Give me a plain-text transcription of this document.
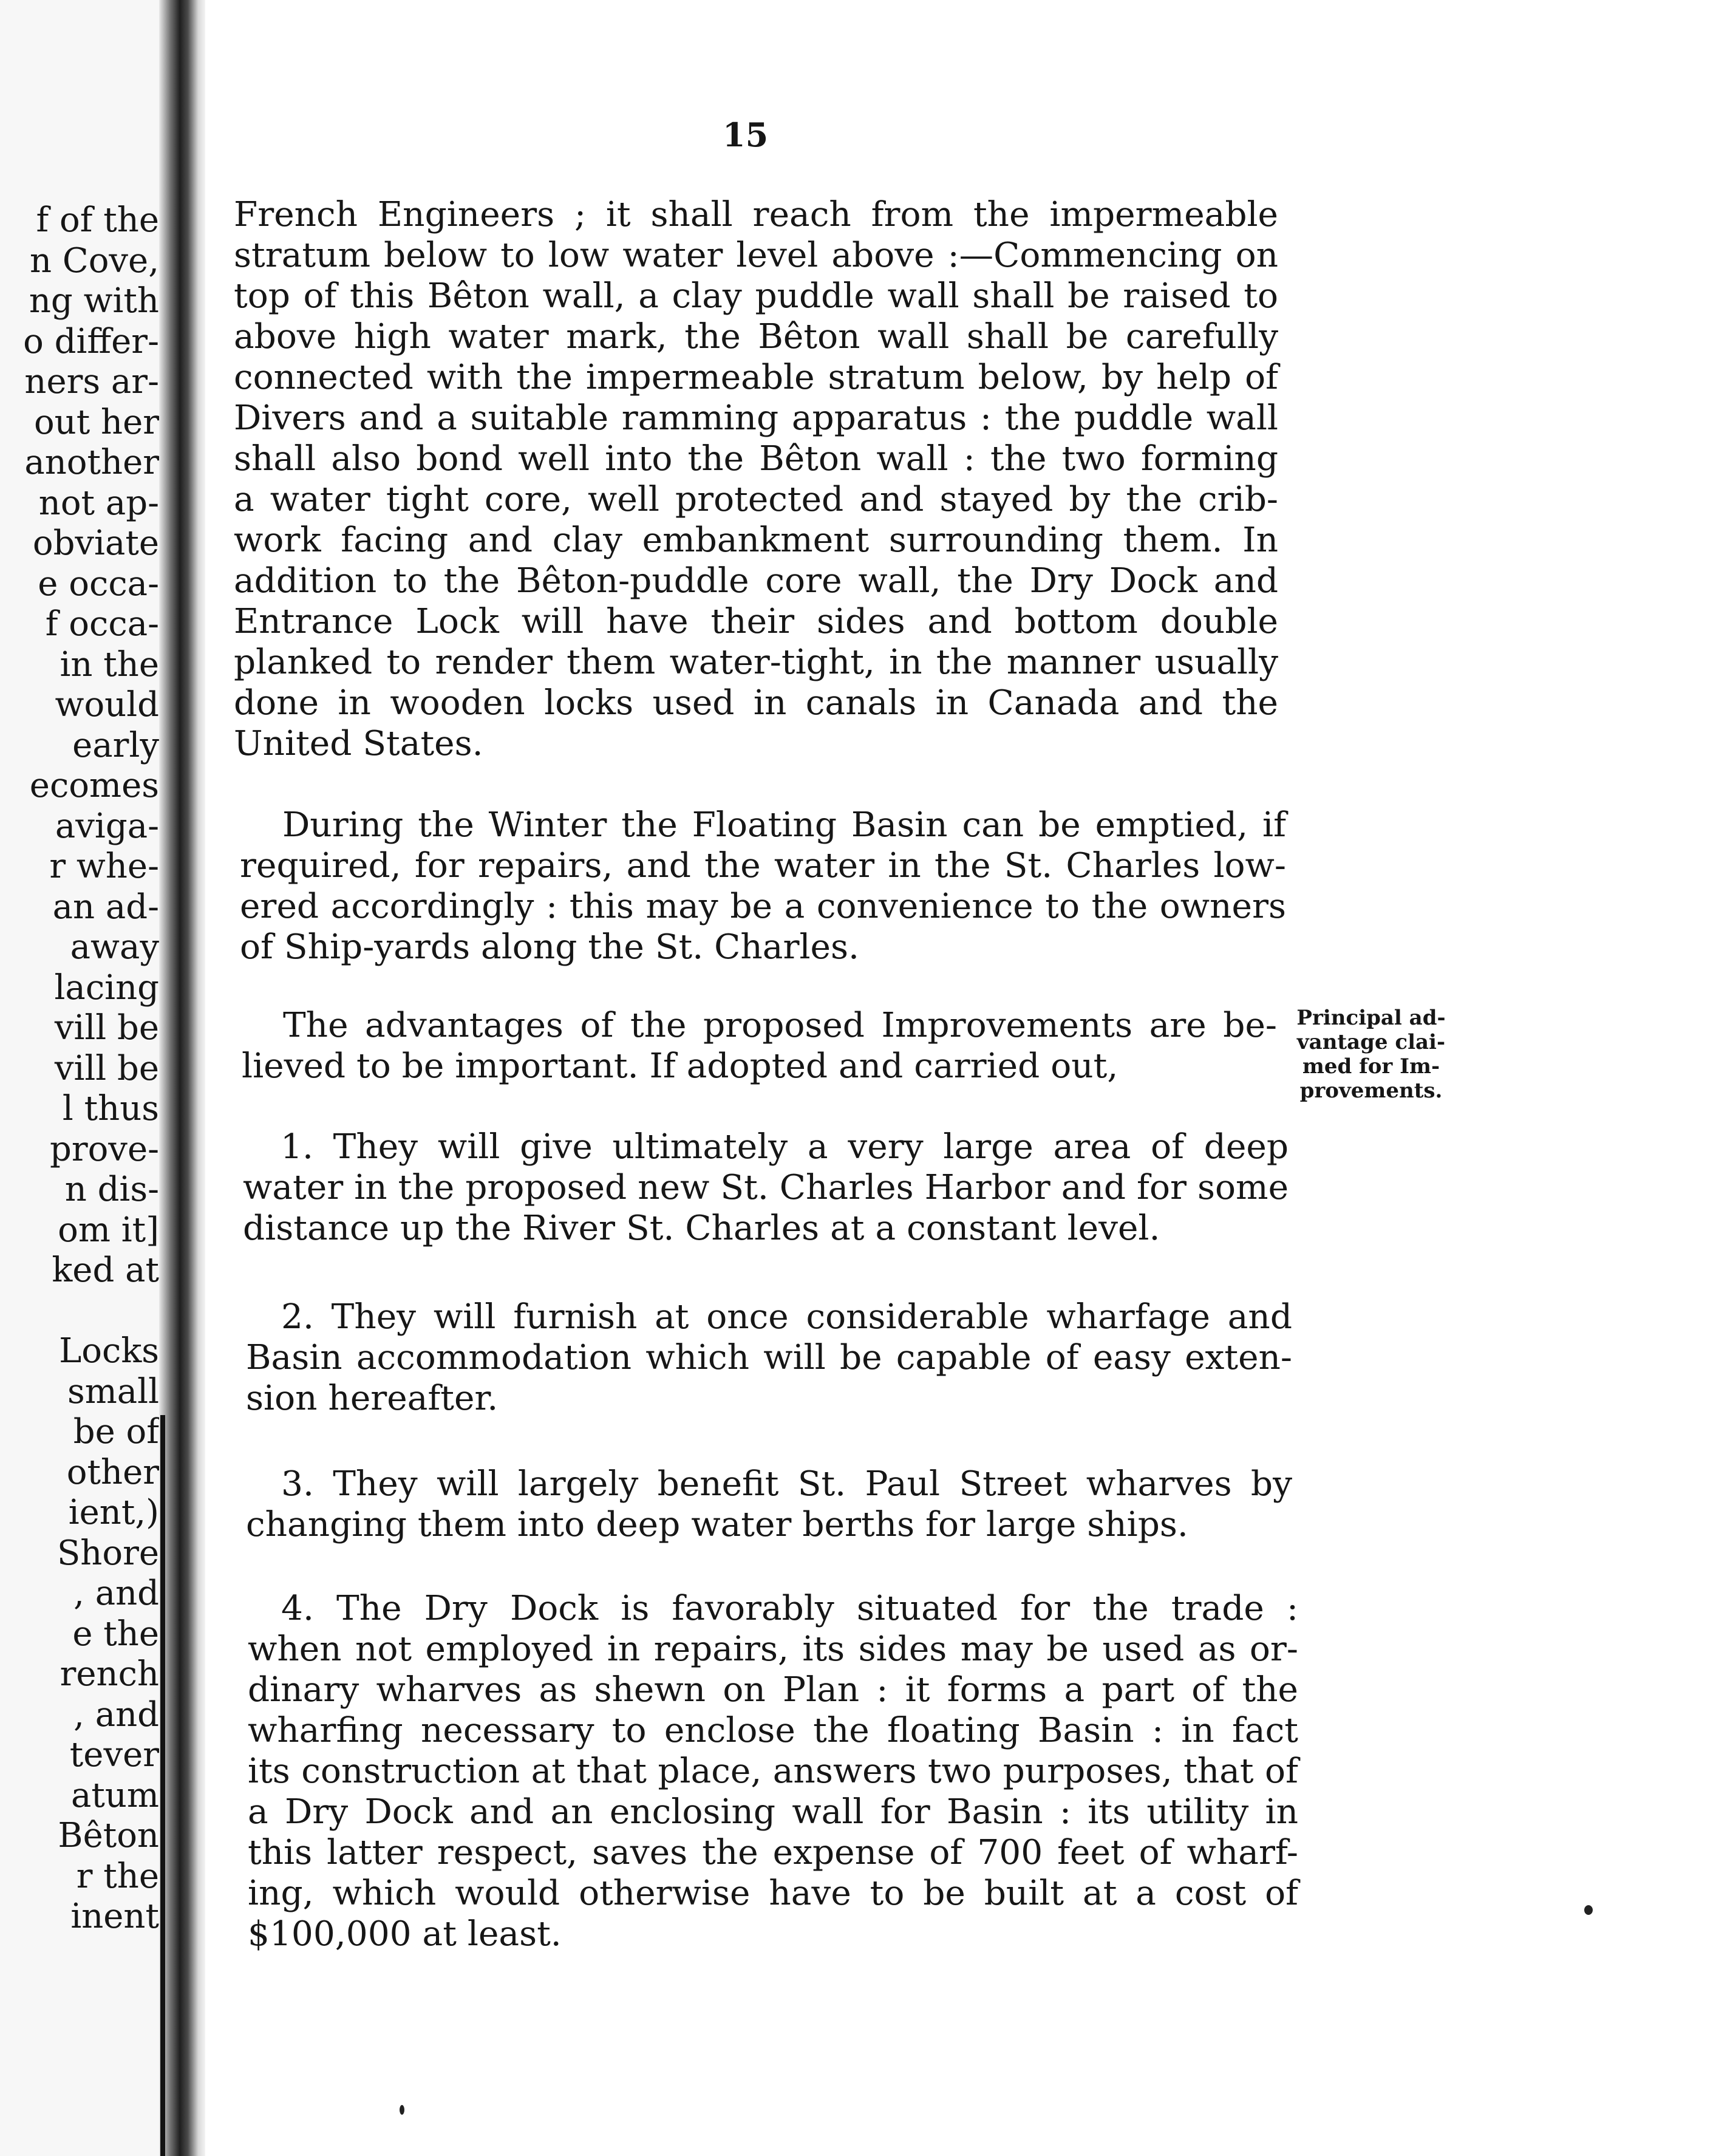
f of the
n Cove,
ng with
o differ-
ners ar-
out her
another
not ap-
obviate
e occa-
f occa-
in the
would
early
ecomes
aviga-
r whe-
an ad-
away
lacing
vill be
vill be
l thus
prove-
n dis-
om it]
ked at
Locks
small
be of
other
ient,)
Shore
, and
e the
rench
, and
tever
atum
Bêton
r the
inent
15
French Engineers ; it shall reach from the impermeable
stratum below to low water level above :—Commencing on
top of this Bêton wall, a clay puddle wall shall be raised to
above high water mark, the Bêton wall shall be carefully
connected with the impermeable stratum below, by help of
Divers and a suitable ramming apparatus : the puddle wall
shall also bond well into the Bêton wall : the two forming
a water tight core, well protected and stayed by the crib-
work facing and clay embankment surrounding them. In
addition to the Bêton-puddle core wall, the Dry Dock and
Entrance Lock will have their sides and bottom double
planked to render them water-tight, in the manner usually
done in wooden locks used in canals in Canada and the
United States.
During the Winter the Floating Basin can be emptied, if
required, for repairs, and the water in the St. Charles low-
ered accordingly : this may be a convenience to the owners
of Ship-yards along the St. Charles.
The advantages of the proposed Improvements are be-
lieved to be important. If adopted and carried out,
1. They will give ultimately a very large area of deep
water in the proposed new St. Charles Harbor and for some
distance up the River St. Charles at a constant level.
2. They will furnish at once considerable wharfage and
Basin accommodation which will be capable of easy exten-
sion hereafter.
3. They will largely benefit St. Paul Street wharves by
changing them into deep water berths for large ships.
4. The Dry Dock is favorably situated for the trade :
when not employed in repairs, its sides may be used as or-
dinary wharves as shewn on Plan : it forms a part of the
wharfing necessary to enclose the floating Basin : in fact
its construction at that place, answers two purposes, that of
a Dry Dock and an enclosing wall for Basin : its utility in
this latter respect, saves the expense of 700 feet of wharf-
ing, which would otherwise have to be built at a cost of
$100,000 at least.
Principal ad-
vantage clai-
med for Im-
provements.
